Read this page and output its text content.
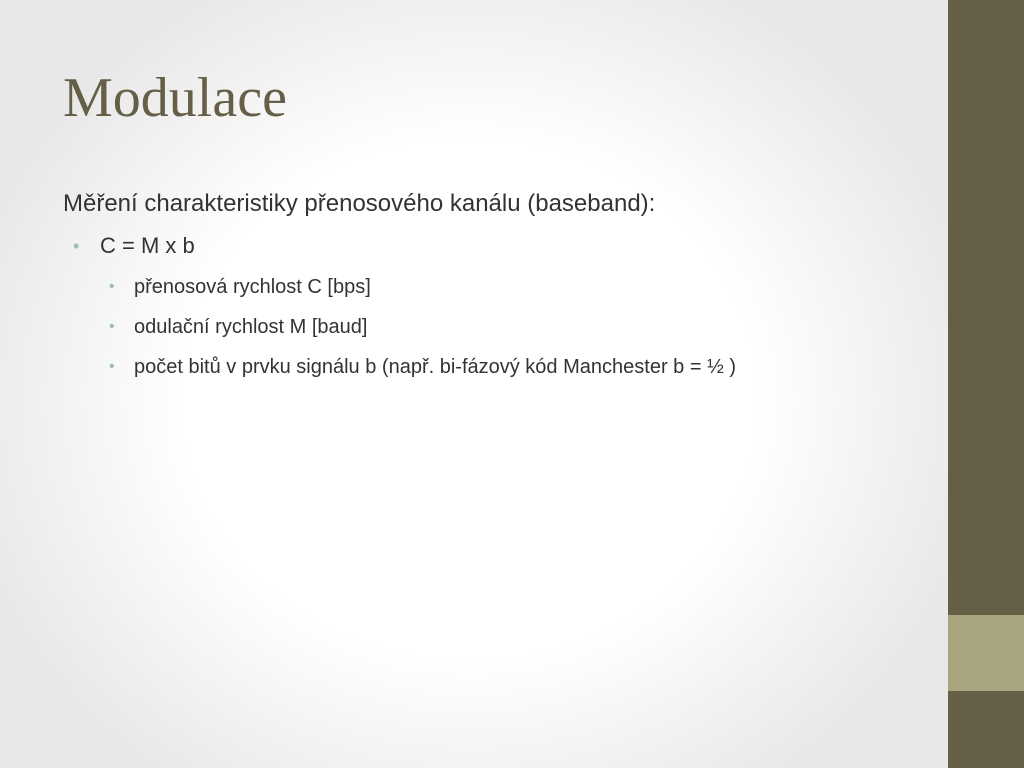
Modulace
Měření charakteristiky přenosového kanálu (baseband):
• C = M x b
• přenosová rychlost C [bps]
• odulační rychlost M [baud]
• počet bitů v prvku signálu b (např. bi-fázový kód Manchester b = ½ )
